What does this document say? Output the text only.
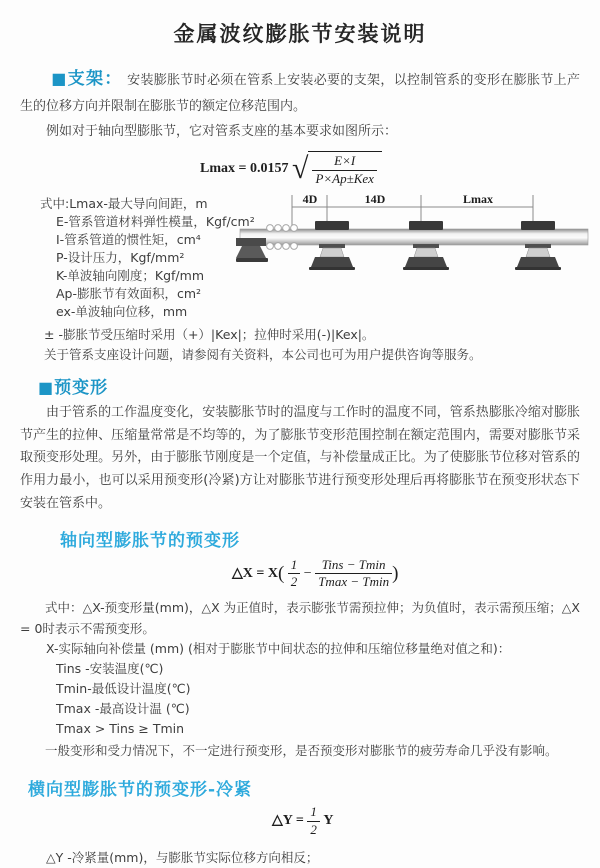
金属波纹膨胀节安装说明

■支架： 安装膨胀节时必须在管系上安装必要的支架，以控制管系的变形在膨胀节上产生的位移方向并限制在膨胀节的额定位移范围内。

例如对于轴向型膨胀节，它对管系支座的基本要求如图所示：

Lmax = 0.0157 √ $\frac{E\times I}{\text{P×Ap±Kex}}$
式中:Lmax-最大导向间距，m
E-管系管道材料弹性模量，Kgf/cm²
I-管系管道的惯性矩，cm⁴
P-设计压力，Kgf/mm²
K-单波轴向刚度；Kgf/mm
Ap-膨胀节有效面积，cm²
ex-单波轴向位移，mm
± -膨胀节受压缩时采用（+）|Kex|；拉伸时采用(-)|Kex|。
关于管系支座设计问题，请参阅有关资料，本公司也可为用户提供咨询等服务。
4D	14D	Lmax
■预变形

由于管系的工作温度变化，安装膨胀节时的温度与工作时的温度不同，管系热膨胀冷缩对膨胀节产生的拉伸、压缩量常常是不均等的，为了膨胀节变形范围控制在额定范围内，需要对膨胀节采取预变形处理。另外，由于膨胀节刚度是一个定值，与补偿量成正比。为了使膨胀节位移对管系的作用力最小，也可以采用预变形(冷紧)方让对膨胀节进行预变形处理后再将膨胀节在预变形状态下安装在管系中。

轴向型膨胀节的预变形
△X = $X( \frac{1}{2} - \frac{\text{Tins − Tmin}}{Tmax - Tmin}$ )

式中：△X-预变形量(mm)，△X 为正值时，表示膨张节需预拉伸；为负值时，表示需预压缩；△X = 0时表示不需预变形。

X-实际轴向补偿量 (mm) (相对于膨胀节中间状态的拉伸和压缩位移量绝对值之和)：
Tins -安装温度(℃)
Tmin-最低设计温度(℃)
Tmax -最高设计温 (℃)
Tmax > Tins ≥ Tmin
一般变形和受力情况下，不一定进行预变形，是否预变形对膨胀节的疲劳寿命几乎没有影响。
横向型膨胀节的预变形-冷紧
△Y = $\frac{1}{2}$ Y
△Y -冷紧量(mm)，与膨胀节实际位移方向相反；
